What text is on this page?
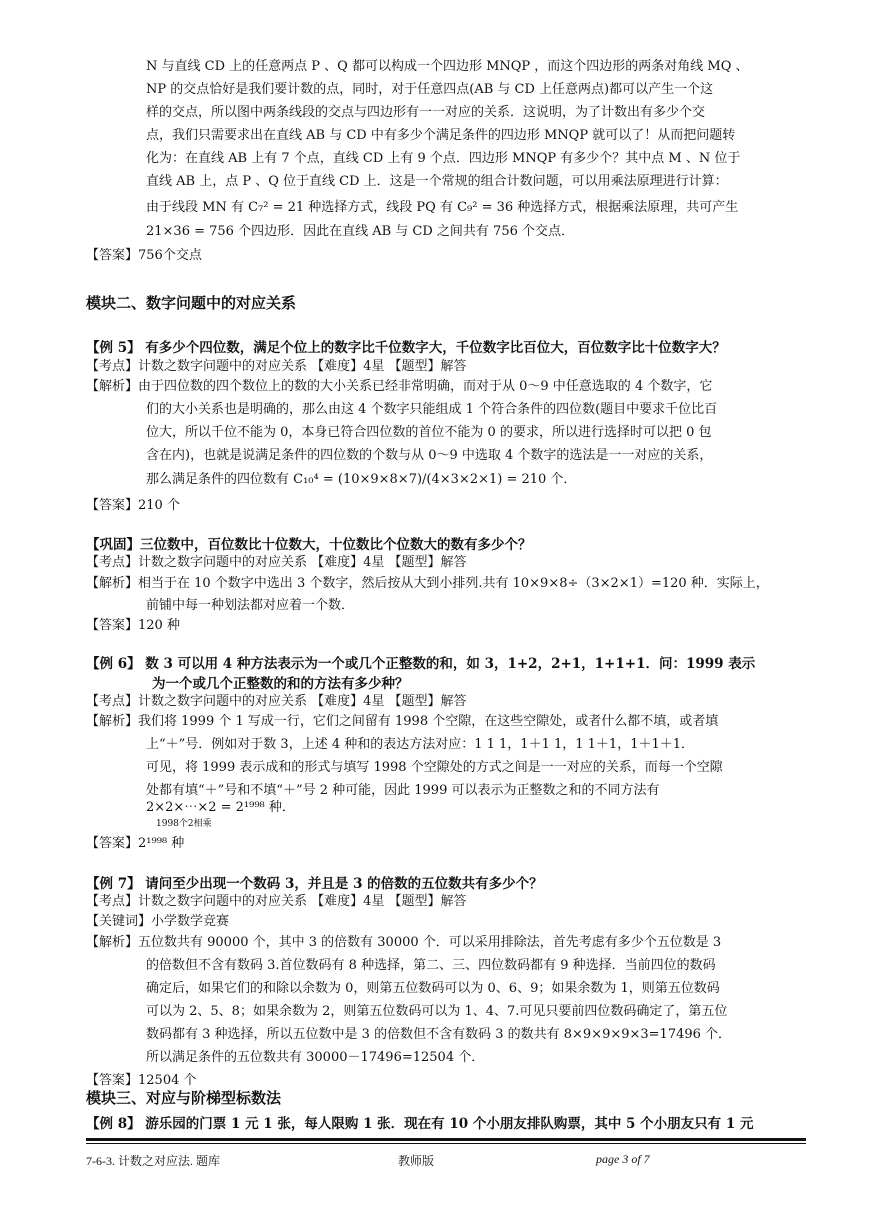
N 与直线 CD 上的任意两点 P 、Q 都可以构成一个四边形 MNQP ，而这个四边形的两条对角线 MQ 、
NP 的交点恰好是我们要计数的点，同时，对于任意四点(AB 与 CD 上任意两点)都可以产生一个这
样的交点，所以图中两条线段的交点与四边形有一一对应的关系．这说明，为了计数出有多少个交
点，我们只需要求出在直线 AB 与 CD 中有多少个满足条件的四边形 MNQP 就可以了！从而把问题转
化为：在直线 AB 上有 7 个点，直线 CD 上有 9 个点．四边形 MNQP 有多少个？其中点 M 、N 位于
直线 AB 上，点 P 、Q 位于直线 CD 上．这是一个常规的组合计数问题，可以用乘法原理进行计算：
由于线段 MN 有 C₇² = 21 种选择方式，线段 PQ 有 C₉² = 36 种选择方式，根据乘法原理，共可产生
21×36 = 756 个四边形．因此在直线 AB 与 CD 之间共有 756 个交点．
【答案】756个交点
模块二、数字问题中的对应关系
【例 5】 有多少个四位数，满足个位上的数字比千位数字大，千位数字比百位大，百位数字比十位数字大？
【考点】计数之数字问题中的对应关系 【难度】4星 【题型】解答
【解析】由于四位数的四个数位上的数的大小关系已经非常明确，而对于从 0～9 中任意选取的 4 个数字，它
们的大小关系也是明确的，那么由这 4 个数字只能组成 1 个符合条件的四位数(题目中要求千位比百
位大，所以千位不能为 0，本身已符合四位数的首位不能为 0 的要求，所以进行选择时可以把 0 包
含在内)，也就是说满足条件的四位数的个数与从 0～9 中选取 4 个数字的选法是一一对应的关系，
那么满足条件的四位数有 C₁₀⁴ = (10×9×8×7)/(4×3×2×1) = 210 个．
【答案】210 个
【巩固】三位数中，百位数比十位数大，十位数比个位数大的数有多少个？
【考点】计数之数字问题中的对应关系 【难度】4星 【题型】解答
【解析】相当于在 10 个数字中选出 3 个数字，然后按从大到小排列.共有 10×9×8÷（3×2×1）=120 种．实际上，
前铺中每一种划法都对应着一个数．
【答案】120 种
【例 6】 数 3 可以用 4 种方法表示为一个或几个正整数的和，如 3，1+2，2+1，1+1+1．问：1999 表示
为一个或几个正整数的和的方法有多少种？
【考点】计数之数字问题中的对应关系 【难度】4星 【题型】解答
【解析】我们将 1999 个 1 写成一行，它们之间留有 1998 个空隙，在这些空隙处，或者什么都不填，或者填
上“＋”号．例如对于数 3，上述 4 种和的表达方法对应：1 1 1，1＋1 1，1 1＋1，1＋1＋1．
可见，将 1999 表示成和的形式与填写 1998 个空隙处的方式之间是一一对应的关系，而每一个空隙
处都有填“＋”号和不填“＋”号 2 种可能，因此 1999 可以表示为正整数之和的不同方法有
2×2×⋯×2 = 2¹⁹⁹⁸ 种．
1998个2相乘
【答案】2¹⁹⁹⁸ 种
【例 7】 请问至少出现一个数码 3，并且是 3 的倍数的五位数共有多少个？
【考点】计数之数字问题中的对应关系 【难度】4星 【题型】解答
【关键词】小学数学竞赛
【解析】五位数共有 90000 个，其中 3 的倍数有 30000 个．可以采用排除法，首先考虑有多少个五位数是 3
的倍数但不含有数码 3.首位数码有 8 种选择，第二、三、四位数码都有 9 种选择．当前四位的数码
确定后，如果它们的和除以余数为 0，则第五位数码可以为 0、6、9；如果余数为 1，则第五位数码
可以为 2、5、8；如果余数为 2，则第五位数码可以为 1、4、7.可见只要前四位数码确定了，第五位
数码都有 3 种选择，所以五位数中是 3 的倍数但不含有数码 3 的数共有 8×9×9×9×3=17496 个．
所以满足条件的五位数共有 30000－17496=12504 个．
【答案】12504 个
模块三、对应与阶梯型标数法
【例 8】 游乐园的门票 1 元 1 张，每人限购 1 张．现在有 10 个小朋友排队购票，其中 5 个小朋友只有 1 元
7-6-3. 计数之对应法. 题库	教师版	page 3 of 7
